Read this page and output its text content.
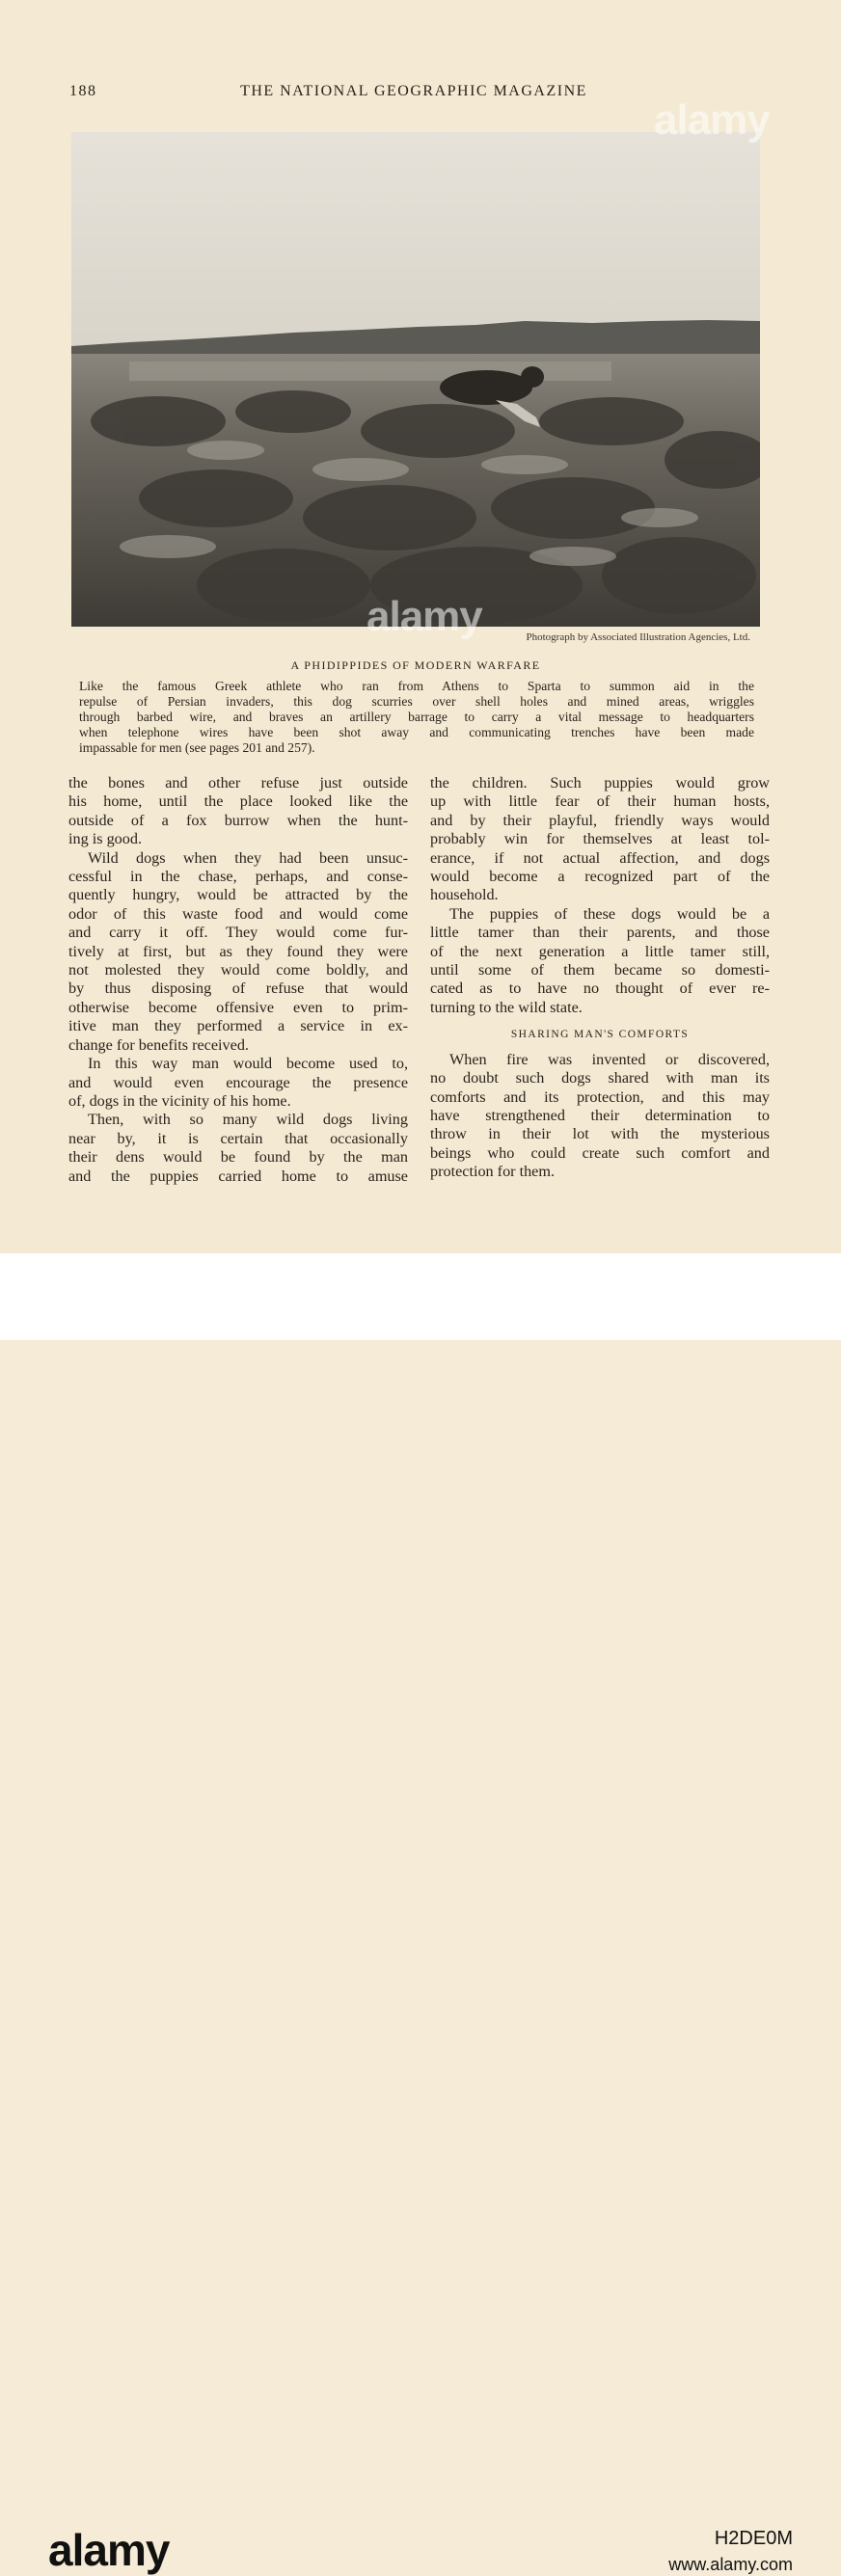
188	THE NATIONAL GEOGRAPHIC MAGAZINE
Photograph by Associated Illustration Agencies, Ltd.
A PHIDIPPIDES OF MODERN WARFARE
Like the famous Greek athlete who ran from Athens to Sparta to summon aid in the
repulse of Persian invaders, this dog scurries over shell holes and mined areas, wriggles
through barbed wire, and braves an artillery barrage to carry a vital message to headquarters
when telephone wires have been shot away and communicating trenches have been made
impassable for men (see pages 201 and 257).
the bones and other refuse just outside
his home, until the place looked like the
outside of a fox burrow when the hunt-
ing is good.
Wild dogs when they had been unsuc-
cessful in the chase, perhaps, and conse-
quently hungry, would be attracted by the
odor of this waste food and would come
and carry it off. They would come fur-
tively at first, but as they found they were
not molested they would come boldly, and
by thus disposing of refuse that would
otherwise become offensive even to prim-
itive man they performed a service in ex-
change for benefits received.
In this way man would become used to,
and would even encourage the presence
of, dogs in the vicinity of his home.
Then, with so many wild dogs living
near by, it is certain that occasionally
their dens would be found by the man
and the puppies carried home to amuse
the children. Such puppies would grow
up with little fear of their human hosts,
and by their playful, friendly ways would
probably win for themselves at least tol-
erance, if not actual affection, and dogs
would become a recognized part of the
household.
The puppies of these dogs would be a
little tamer than their parents, and those
of the next generation a little tamer still,
until some of them became so domesti-
cated as to have no thought of ever re-
turning to the wild state.
SHARING MAN'S COMFORTS
When fire was invented or discovered,
no doubt such dogs shared with man its
comforts and its protection, and this may
have strengthened their determination to
throw in their lot with the mysterious
beings who could create such comfort and
protection for them.
alamy
alamy
alamy	H2DE0M
www.alamy.com
